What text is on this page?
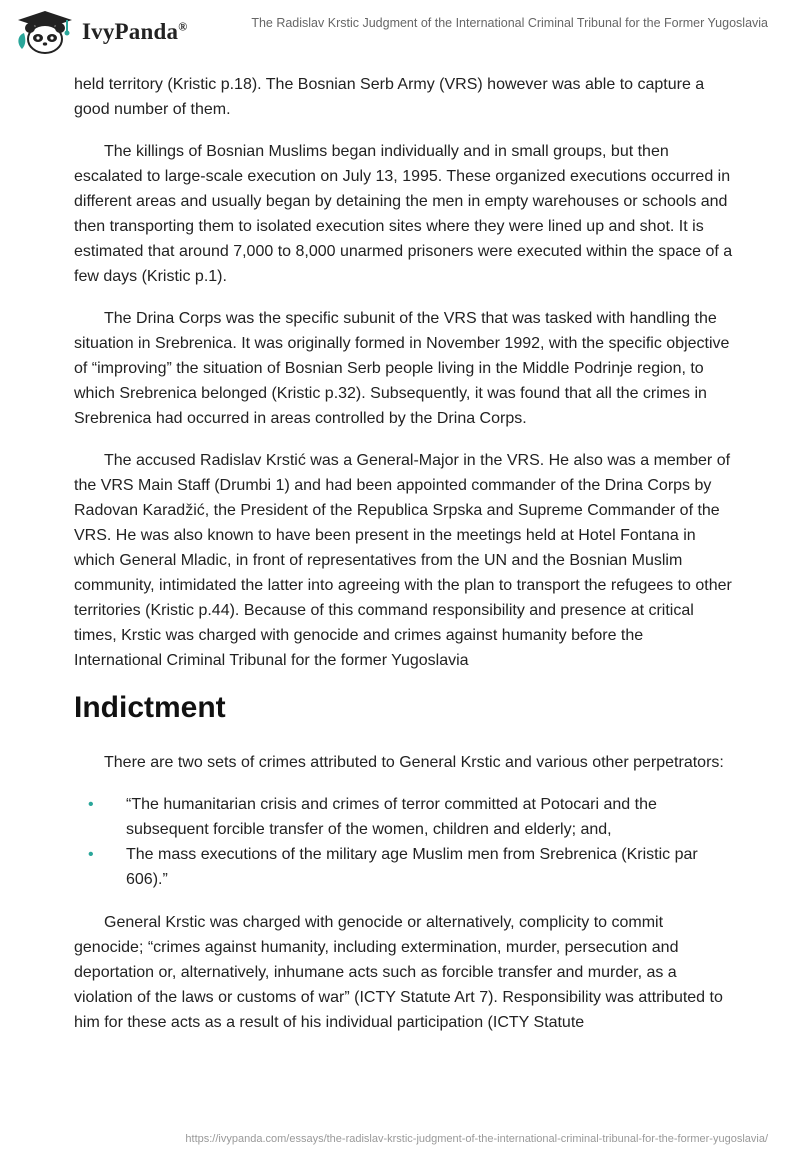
IvyPanda®	The Radislav Krstic Judgment of the International Criminal Tribunal for the Former Yugoslavia

held territory (Kristic p.18). The Bosnian Serb Army (VRS) however was able to capture a good number of them.

The killings of Bosnian Muslims began individually and in small groups, but then escalated to large-scale execution on July 13, 1995. These organized executions occurred in different areas and usually began by detaining the men in empty warehouses or schools and then transporting them to isolated execution sites where they were lined up and shot. It is estimated that around 7,000 to 8,000 unarmed prisoners were executed within the space of a few days (Kristic p.1).

The Drina Corps was the specific subunit of the VRS that was tasked with handling the situation in Srebrenica. It was originally formed in November 1992, with the specific objective of “improving” the situation of Bosnian Serb people living in the Middle Podrinje region, to which Srebrenica belonged (Kristic p.32). Subsequently, it was found that all the crimes in Srebrenica had occurred in areas controlled by the Drina Corps.

The accused Radislav Krstić was a General-Major in the VRS. He also was a member of the VRS Main Staff (Drumbi 1) and had been appointed commander of the Drina Corps by Radovan Karadžić, the President of the Republica Srpska and Supreme Commander of the VRS. He was also known to have been present in the meetings held at Hotel Fontana in which General Mladic, in front of representatives from the UN and the Bosnian Muslim community, intimidated the latter into agreeing with the plan to transport the refugees to other territories (Kristic p.44). Because of this command responsibility and presence at critical times, Krstic was charged with genocide and crimes against humanity before the International Criminal Tribunal for the former Yugoslavia

Indictment

There are two sets of crimes attributed to General Krstic and various other perpetrators:

• “The humanitarian crisis and crimes of terror committed at Potocari and the subsequent forcible transfer of the women, children and elderly; and,
• The mass executions of the military age Muslim men from Srebrenica (Kristic par 606).”

General Krstic was charged with genocide or alternatively, complicity to commit genocide; “crimes against humanity, including extermination, murder, persecution and deportation or, alternatively, inhumane acts such as forcible transfer and murder, as a violation of the laws or customs of war” (ICTY Statute Art 7). Responsibility was attributed to him for these acts as a result of his individual participation (ICTY Statute

https://ivypanda.com/essays/the-radislav-krstic-judgment-of-the-international-criminal-tribunal-for-the-former-yugoslavia/
